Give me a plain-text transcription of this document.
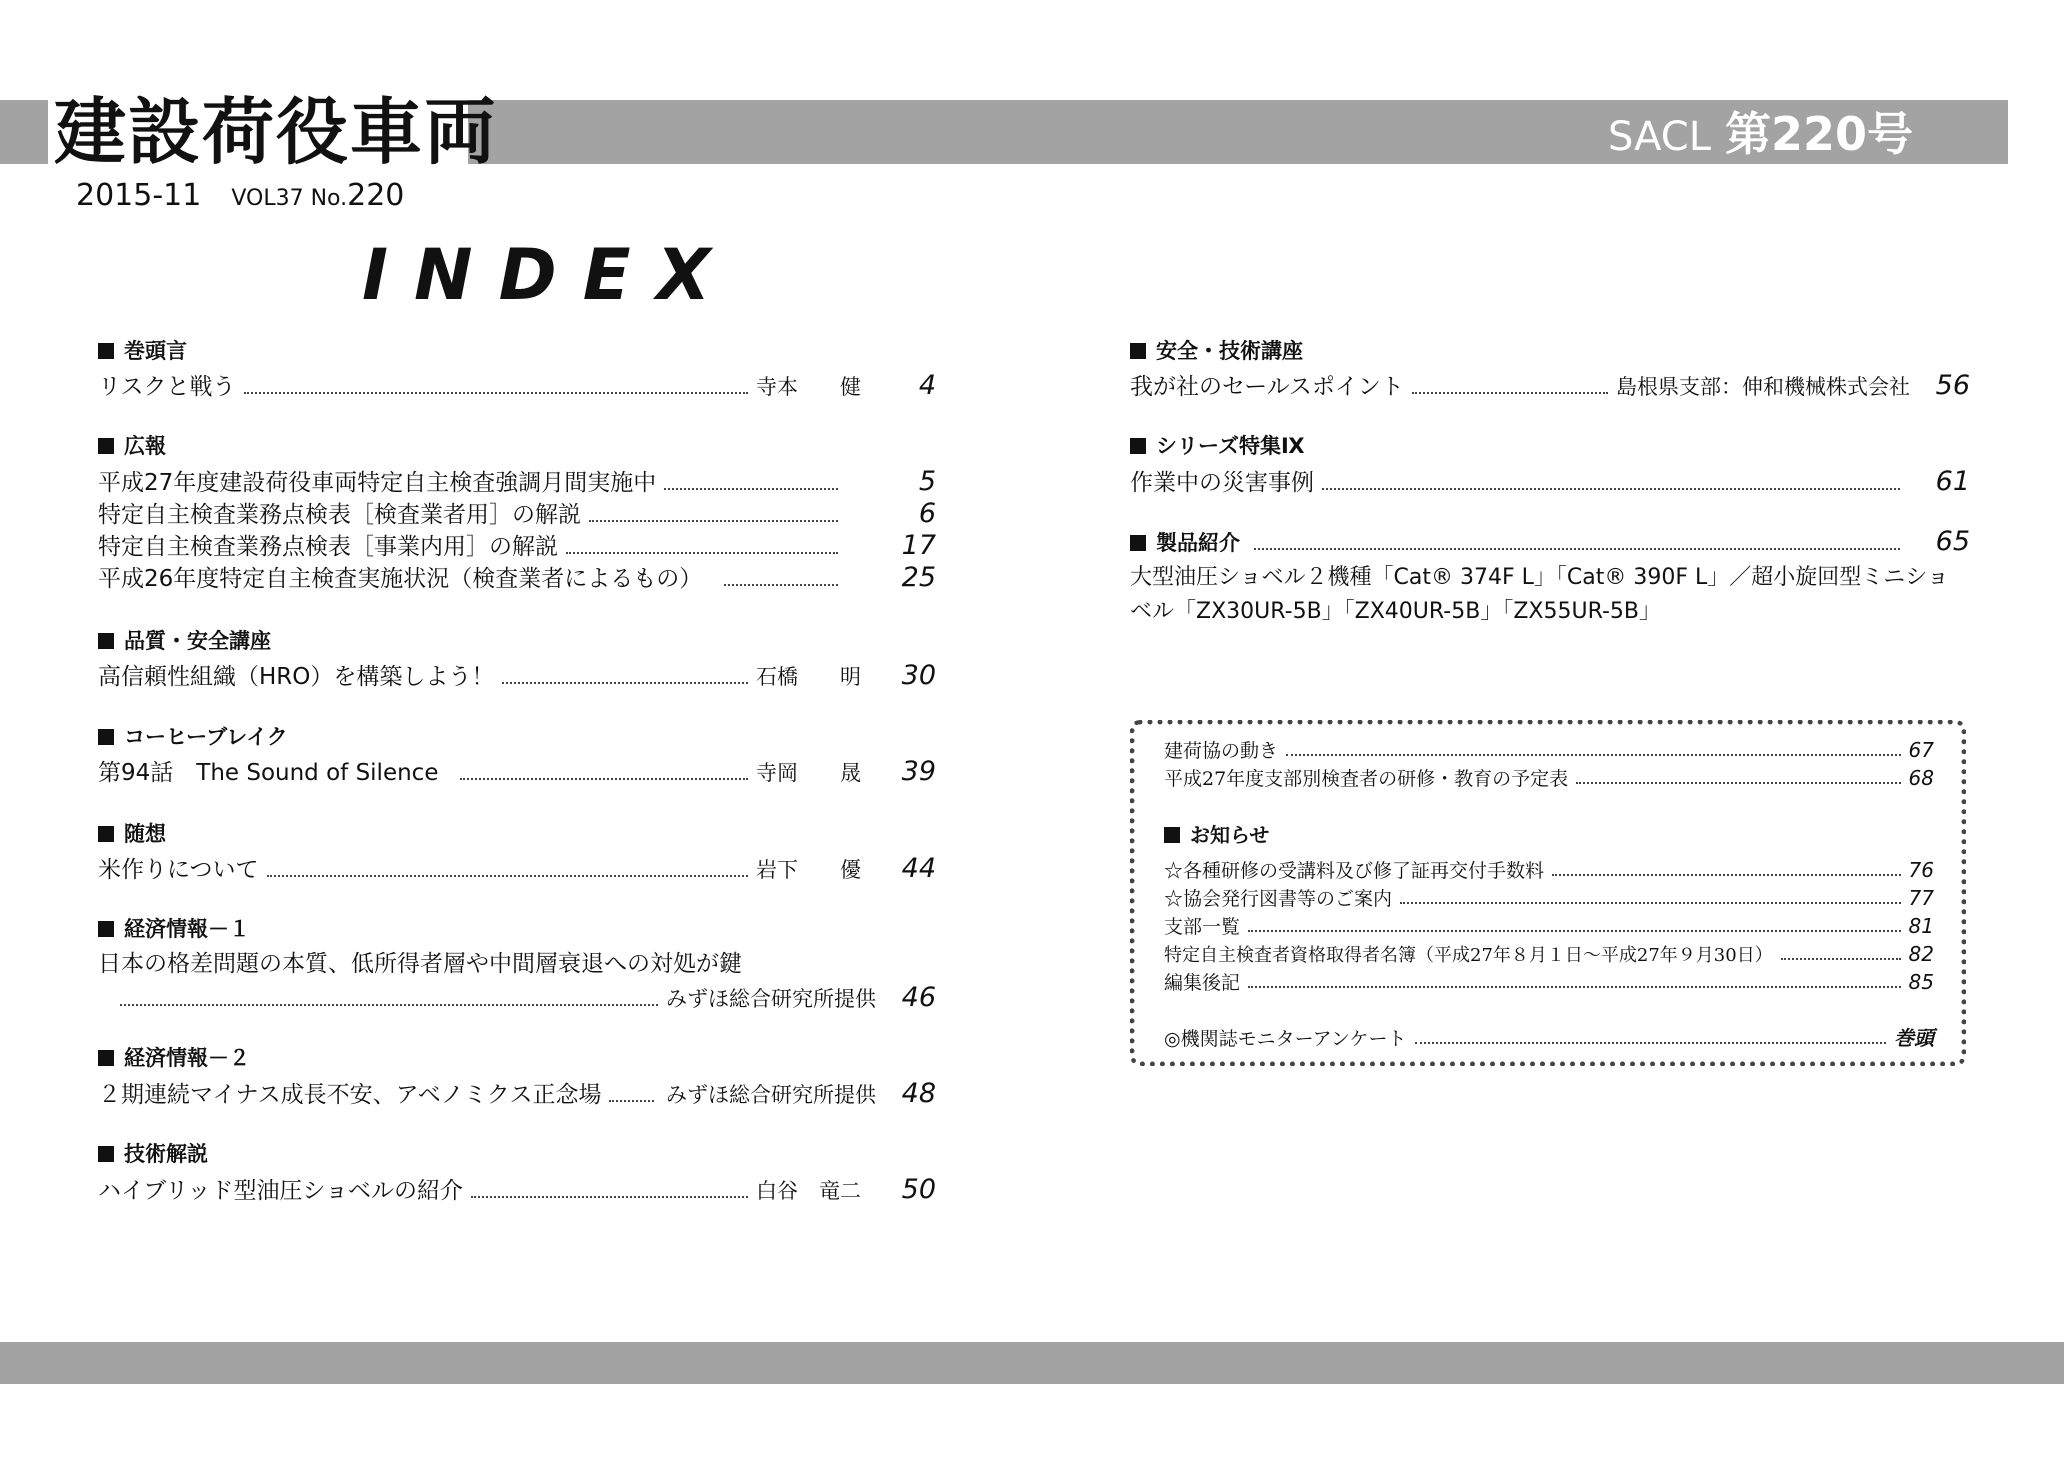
建設荷役車両	SACL 第220号
2015-11 VOL37 No.220
INDEX
巻頭言
リスクと戦う	寺本　　健	4
広報
平成27年度建設荷役車両特定自主検査強調月間実施中	5
特定自主検査業務点検表［検査業者用］の解説	6
特定自主検査業務点検表［事業内用］の解説	17
平成26年度特定自主検査実施状況（検査業者によるもの）	25
品質・安全講座
高信頼性組織（HRO）を構築しよう！	石橋　　明	30
コーヒーブレイク
第94話　The Sound of Silence	寺岡　　晟	39
随想
米作りについて	岩下　　優	44
経済情報－１
日本の格差問題の本質、低所得者層や中間層衰退への対処が鍵
みずほ総合研究所提供 46
経済情報－２
２期連続マイナス成長不安、アベノミクス正念場	みずほ総合研究所提供 48
技術解説
ハイブリッド型油圧ショベルの紹介	白谷　竜二	50
安全・技術講座
我が社のセールスポイント	島根県支部：伸和機械株式会社 56
シリーズ特集Ⅸ
作業中の災害事例	61
製品紹介	65
大型油圧ショベル２機種「Cat® 374F L」「Cat® 390F L」／超小旋回型ミニショ
ベル「ZX30UR-5B」「ZX40UR-5B」「ZX55UR-5B」
建荷協の動き	67
平成27年度支部別検査者の研修・教育の予定表	68
お知らせ
☆各種研修の受講料及び修了証再交付手数料	76
☆協会発行図書等のご案内	77
支部一覧	81
特定自主検査者資格取得者名簿（平成27年８月１日～平成27年９月30日）	82
編集後記	85
◎機関誌モニターアンケート	巻頭
